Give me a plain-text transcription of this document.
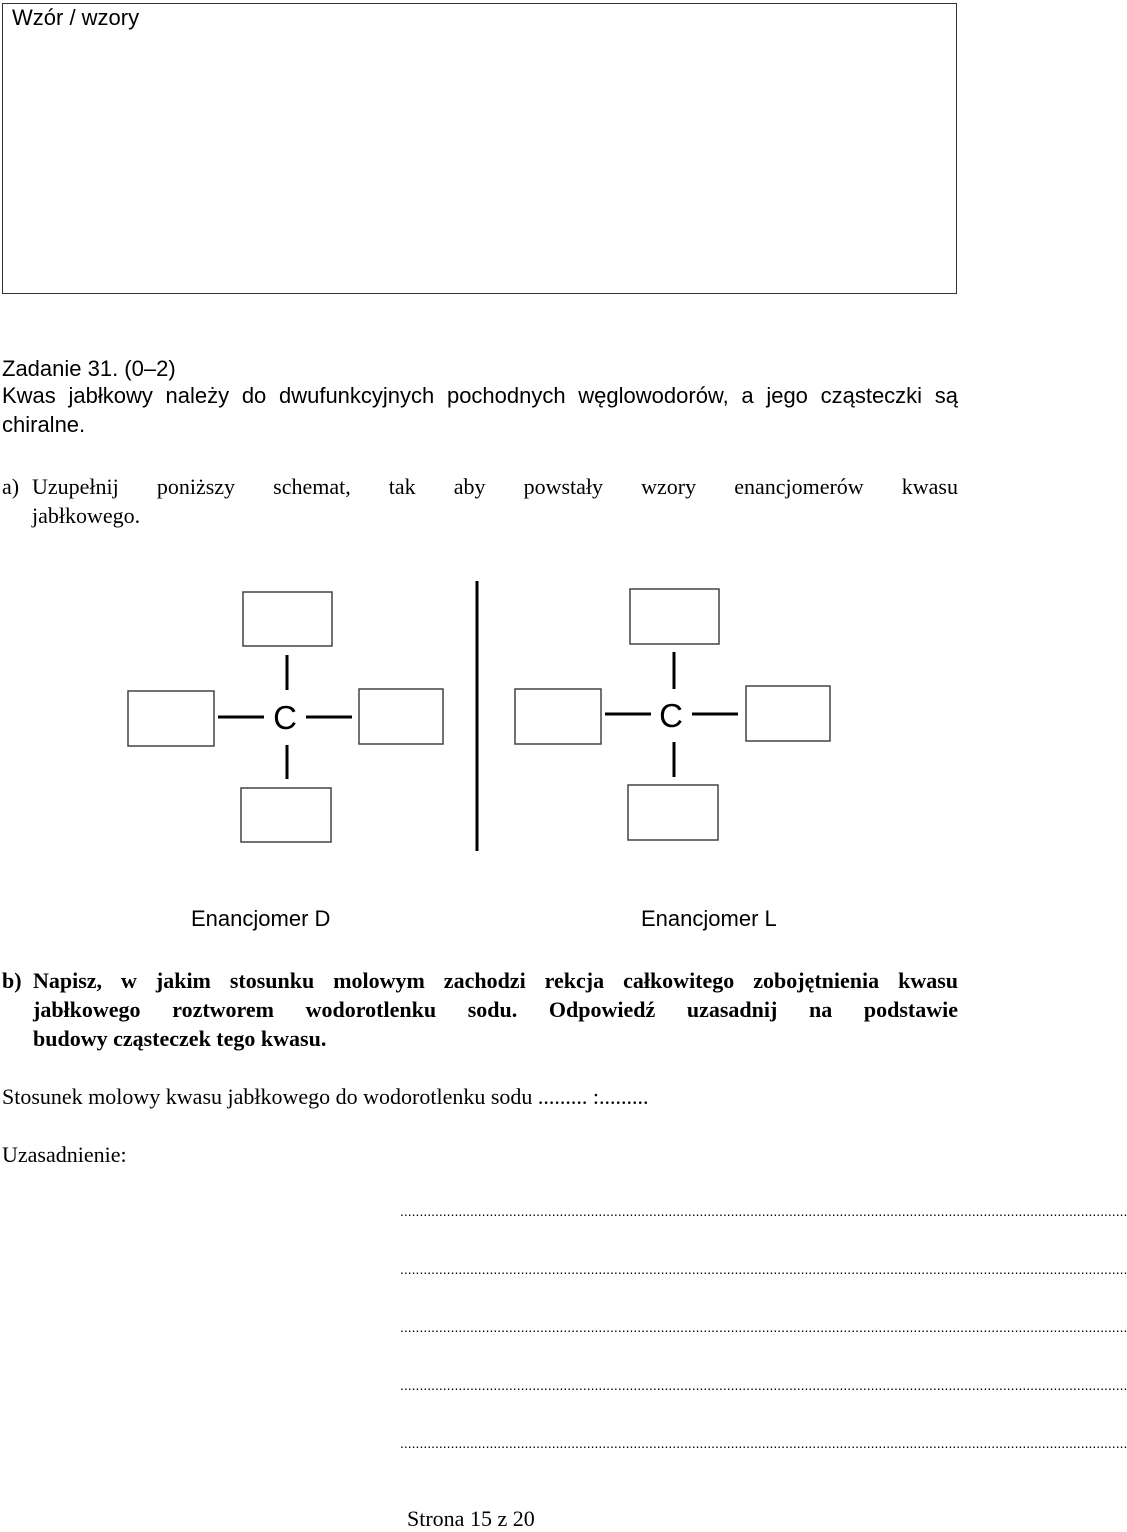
Wzór / wzory
Zadanie 31. (0–2)
Kwas jabłkowy należy do dwufunkcyjnych pochodnych węglowodorów, a jego cząsteczki są
chiralne.
a) Uzupełnij poniższy schemat, tak aby powstały wzory enancjomerów kwasu
jabłkowego.
C	C
Enancjomer D	Enancjomer L
b) Napisz, w jakim stosunku molowym zachodzi rekcja całkowitego zobojętnienia kwasu
jabłkowego roztworem wodorotlenku sodu. Odpowiedź uzasadnij na podstawie
budowy cząsteczek tego kwasu.
Stosunek molowy kwasu jabłkowego do wodorotlenku sodu ......... :.........
Uzasadnienie:
...........................................................................................................................................................................................
...........................................................................................................................................................................................
...........................................................................................................................................................................................
...........................................................................................................................................................................................
...........................................................................................................................................................................................
Strona 15 z 20
